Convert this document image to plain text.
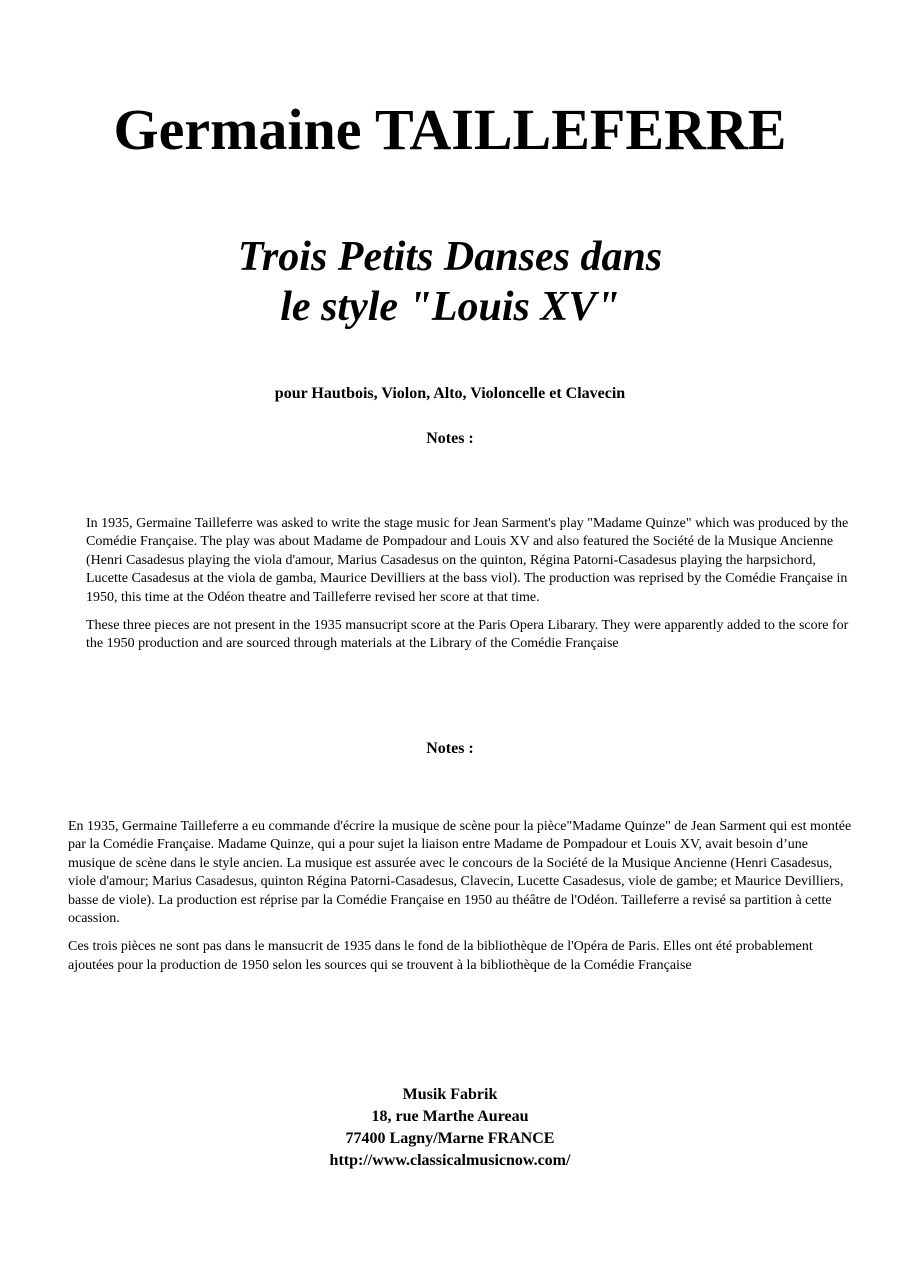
Germaine TAILLEFERRE
Trois Petits Danses dans
le style "Louis XV"

pour Hautbois, Violon, Alto, Violoncelle et Clavecin

Notes :

In 1935, Germaine Tailleferre was asked to write the stage music for Jean Sarment's play "Madame Quinze" which was produced by the Comédie Française. The play was about Madame de Pompadour and Louis XV and also featured the Société de la Musique Ancienne (Henri Casadesus playing the viola d'amour, Marius Casadesus on the quinton, Régina Patorni-Casadesus playing the harpsichord, Lucette Casadesus at the viola de gamba, Maurice Devilliers at the bass viol). The production was reprised by the Comédie Française in 1950, this time at the Odéon theatre and Tailleferre revised her score at that time.

These three pieces are not present in the 1935 mansucript score at the Paris Opera Libarary. They were apparently added to the score for the 1950 production and are sourced through materials at the Library of the Comédie Française

Notes :

En 1935, Germaine Tailleferre a eu commande d'écrire la musique de scène pour la pièce"Madame Quinze" de Jean Sarment qui est montée par la Comédie Française. Madame Quinze, qui a pour sujet la liaison entre Madame de Pompadour et Louis XV, avait besoin d’une musique de scène dans le style ancien. La musique est assurée avec le concours de la Société de la Musique Ancienne (Henri Casadesus, viole d'amour; Marius Casadesus, quinton Régina Patorni-Casadesus, Clavecin, Lucette Casadesus, viole de gambe; et Maurice Devilliers, basse de viole). La production est réprise par la Comédie Française en 1950 au théâtre de l'Odéon. Tailleferre a revisé sa partition à cette ocassion.

Ces trois pièces ne sont pas dans le mansucrit de 1935 dans le fond de la bibliothèque de l'Opéra de Paris. Elles ont été probablement ajoutées pour la production de 1950 selon les sources qui se trouvent à la bibliothèque de la Comédie Française

Musik Fabrik
18, rue Marthe Aureau
77400 Lagny/Marne FRANCE
http://www.classicalmusicnow.com/
